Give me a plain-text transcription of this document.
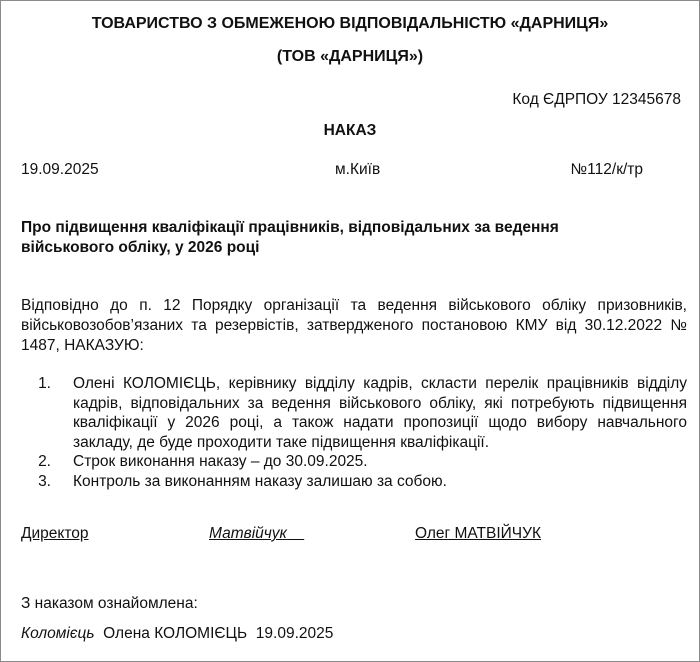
ТОВАРИСТВО З ОБМЕЖЕНОЮ ВІДПОВІДАЛЬНІСТЮ «ДАРНИЦЯ»
(ТОВ «ДАРНИЦЯ»)
Код ЄДРПОУ 12345678
НАКАЗ
19.09.2025	м.Київ	№112/к/тр
Про підвищення кваліфікації працівників, відповідальних за ведення військового обліку, у 2026 році
Відповідно до п. 12 Порядку організації та ведення військового обліку призовників, військовозобов’язаних та резервістів, затвердженого постановою КМУ від 30.12.2022 № 1487, НАКАЗУЮ:
1. Олені КОЛОМІЄЦЬ, керівнику відділу кадрів, скласти перелік працівників відділу кадрів, відповідальних за ведення військового обліку, які потребують підвищення кваліфікації у 2026 році, а також надати пропозиції щодо вибору навчального закладу, де буде проходити таке підвищення кваліфікації.
2. Строк виконання наказу – до 30.09.2025.
3. Контроль за виконанням наказу залишаю за собою.
Директор	Матвійчук	Олег МАТВІЙЧУК
З наказом ознайомлена:
Коломієць Олена КОЛОМІЄЦЬ 19.09.2025
